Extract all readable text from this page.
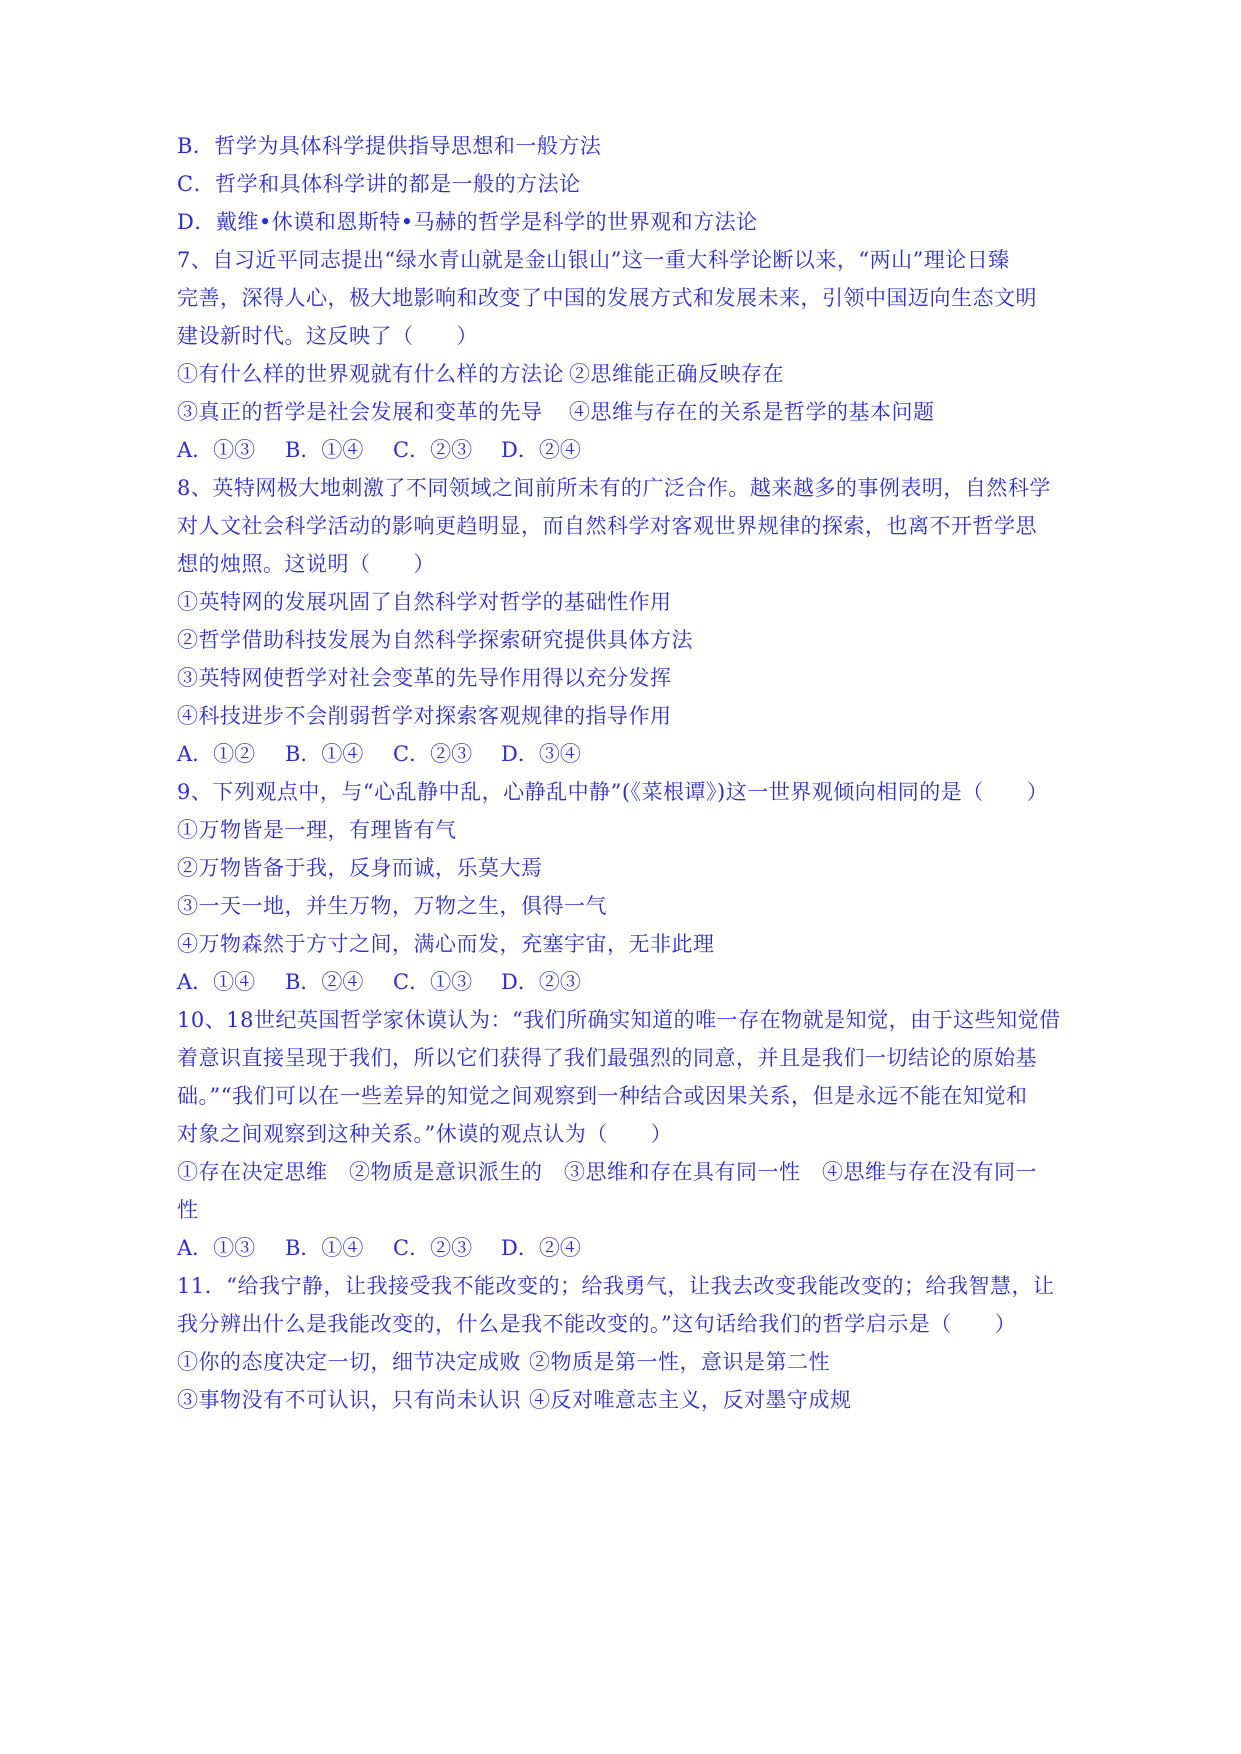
B．哲学为具体科学提供指导思想和一般方法
C．哲学和具体科学讲的都是一般的方法论
D．戴维•休谟和恩斯特•马赫的哲学是科学的世界观和方法论
7、自习近平同志提出“绿水青山就是金山银山”这一重大科学论断以来，“两山”理论日臻
完善，深得人心，极大地影响和改变了中国的发展方式和发展未来，引领中国迈向生态文明
建设新时代。这反映了（　　）
①有什么样的世界观就有什么样的方法论 ②思维能正确反映存在
③真正的哲学是社会发展和变革的先导 ④思维与存在的关系是哲学的基本问题
A．①③ B．①④ C．②③ D．②④
8、英特网极大地刺激了不同领域之间前所未有的广泛合作。越来越多的事例表明，自然科学
对人文社会科学活动的影响更趋明显，而自然科学对客观世界规律的探索，也离不开哲学思
想的烛照。这说明（　　）
①英特网的发展巩固了自然科学对哲学的基础性作用
②哲学借助科技发展为自然科学探索研究提供具体方法
③英特网使哲学对社会变革的先导作用得以充分发挥
④科技进步不会削弱哲学对探索客观规律的指导作用
A．①② B．①④ C．②③ D．③④
9、下列观点中，与“心乱静中乱，心静乱中静”(《菜根谭》)这一世界观倾向相同的是（　　）
①万物皆是一理，有理皆有气
②万物皆备于我，反身而诚，乐莫大焉
③一天一地，并生万物，万物之生，俱得一气
④万物森然于方寸之间，满心而发，充塞宇宙，无非此理
A．①④ B．②④ C．①③ D．②③
10、18世纪英国哲学家休谟认为：“我们所确实知道的唯一存在物就是知觉，由于这些知觉借
着意识直接呈现于我们，所以它们获得了我们最强烈的同意，并且是我们一切结论的原始基
础。”“我们可以在一些差异的知觉之间观察到一种结合或因果关系，但是永远不能在知觉和
对象之间观察到这种关系。”休谟的观点认为（　　）
①存在决定思维　②物质是意识派生的　③思维和存在具有同一性　④思维与存在没有同一
性
A．①③ B．①④ C．②③ D．②④
11．“给我宁静，让我接受我不能改变的；给我勇气，让我去改变我能改变的；给我智慧，让
我分辨出什么是我能改变的，什么是我不能改变的。”这句话给我们的哲学启示是（　　）
①你的态度决定一切，细节决定成败 ②物质是第一性，意识是第二性
③事物没有不可认识，只有尚未认识 ④反对唯意志主义，反对墨守成规
